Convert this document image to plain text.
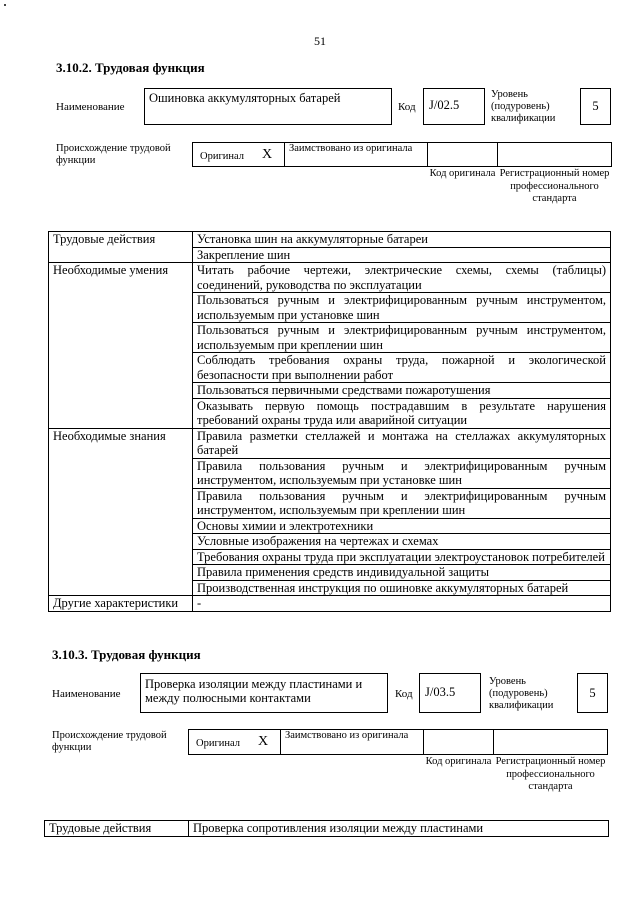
51
3.10.2. Трудовая функция
Наименование
Ошиновка аккумуляторных батарей
Код	J/02.5
Уровень (подуровень) квалификации
5
Происхождение трудовой функции	Оригинал X	Заимствовано из оригинала
Код оригинала Регистрационный номер профессионального стандарта
Трудовые действия	Установка шин на аккумуляторные батареи
	Закрепление шин
Необходимые умения	Читать рабочие чертежи, электрические схемы, схемы (таблицы) соединений, руководства по эксплуатации
	Пользоваться ручным и электрифицированным ручным инструментом, используемым при установке шин
	Пользоваться ручным и электрифицированным ручным инструментом, используемым при креплении шин
	Соблюдать требования охраны труда, пожарной и экологической безопасности при выполнении работ
	Пользоваться первичными средствами пожаротушения
	Оказывать первую помощь пострадавшим в результате нарушения требований охраны труда или аварийной ситуации
Необходимые знания	Правила разметки стеллажей и монтажа на стеллажах аккумуляторных батарей
	Правила пользования ручным и электрифицированным ручным инструментом, используемым при установке шин
	Правила пользования ручным и электрифицированным ручным инструментом, используемым при креплении шин
	Основы химии и электротехники
	Условные изображения на чертежах и схемах
	Требования охраны труда при эксплуатации электроустановок потребителей
	Правила применения средств индивидуальной защиты
	Производственная инструкция по ошиновке аккумуляторных батарей
Другие характеристики	-
3.10.3. Трудовая функция
Наименование
Проверка изоляции между пластинами и между полюсными контактами	Код J/03.5
Уровень (подуровень) квалификации
5
Происхождение трудовой функции	Оригинал X	Заимствовано из оригинала
Код оригинала Регистрационный номер профессионального стандарта
Трудовые действия	Проверка сопротивления изоляции между пластинами
